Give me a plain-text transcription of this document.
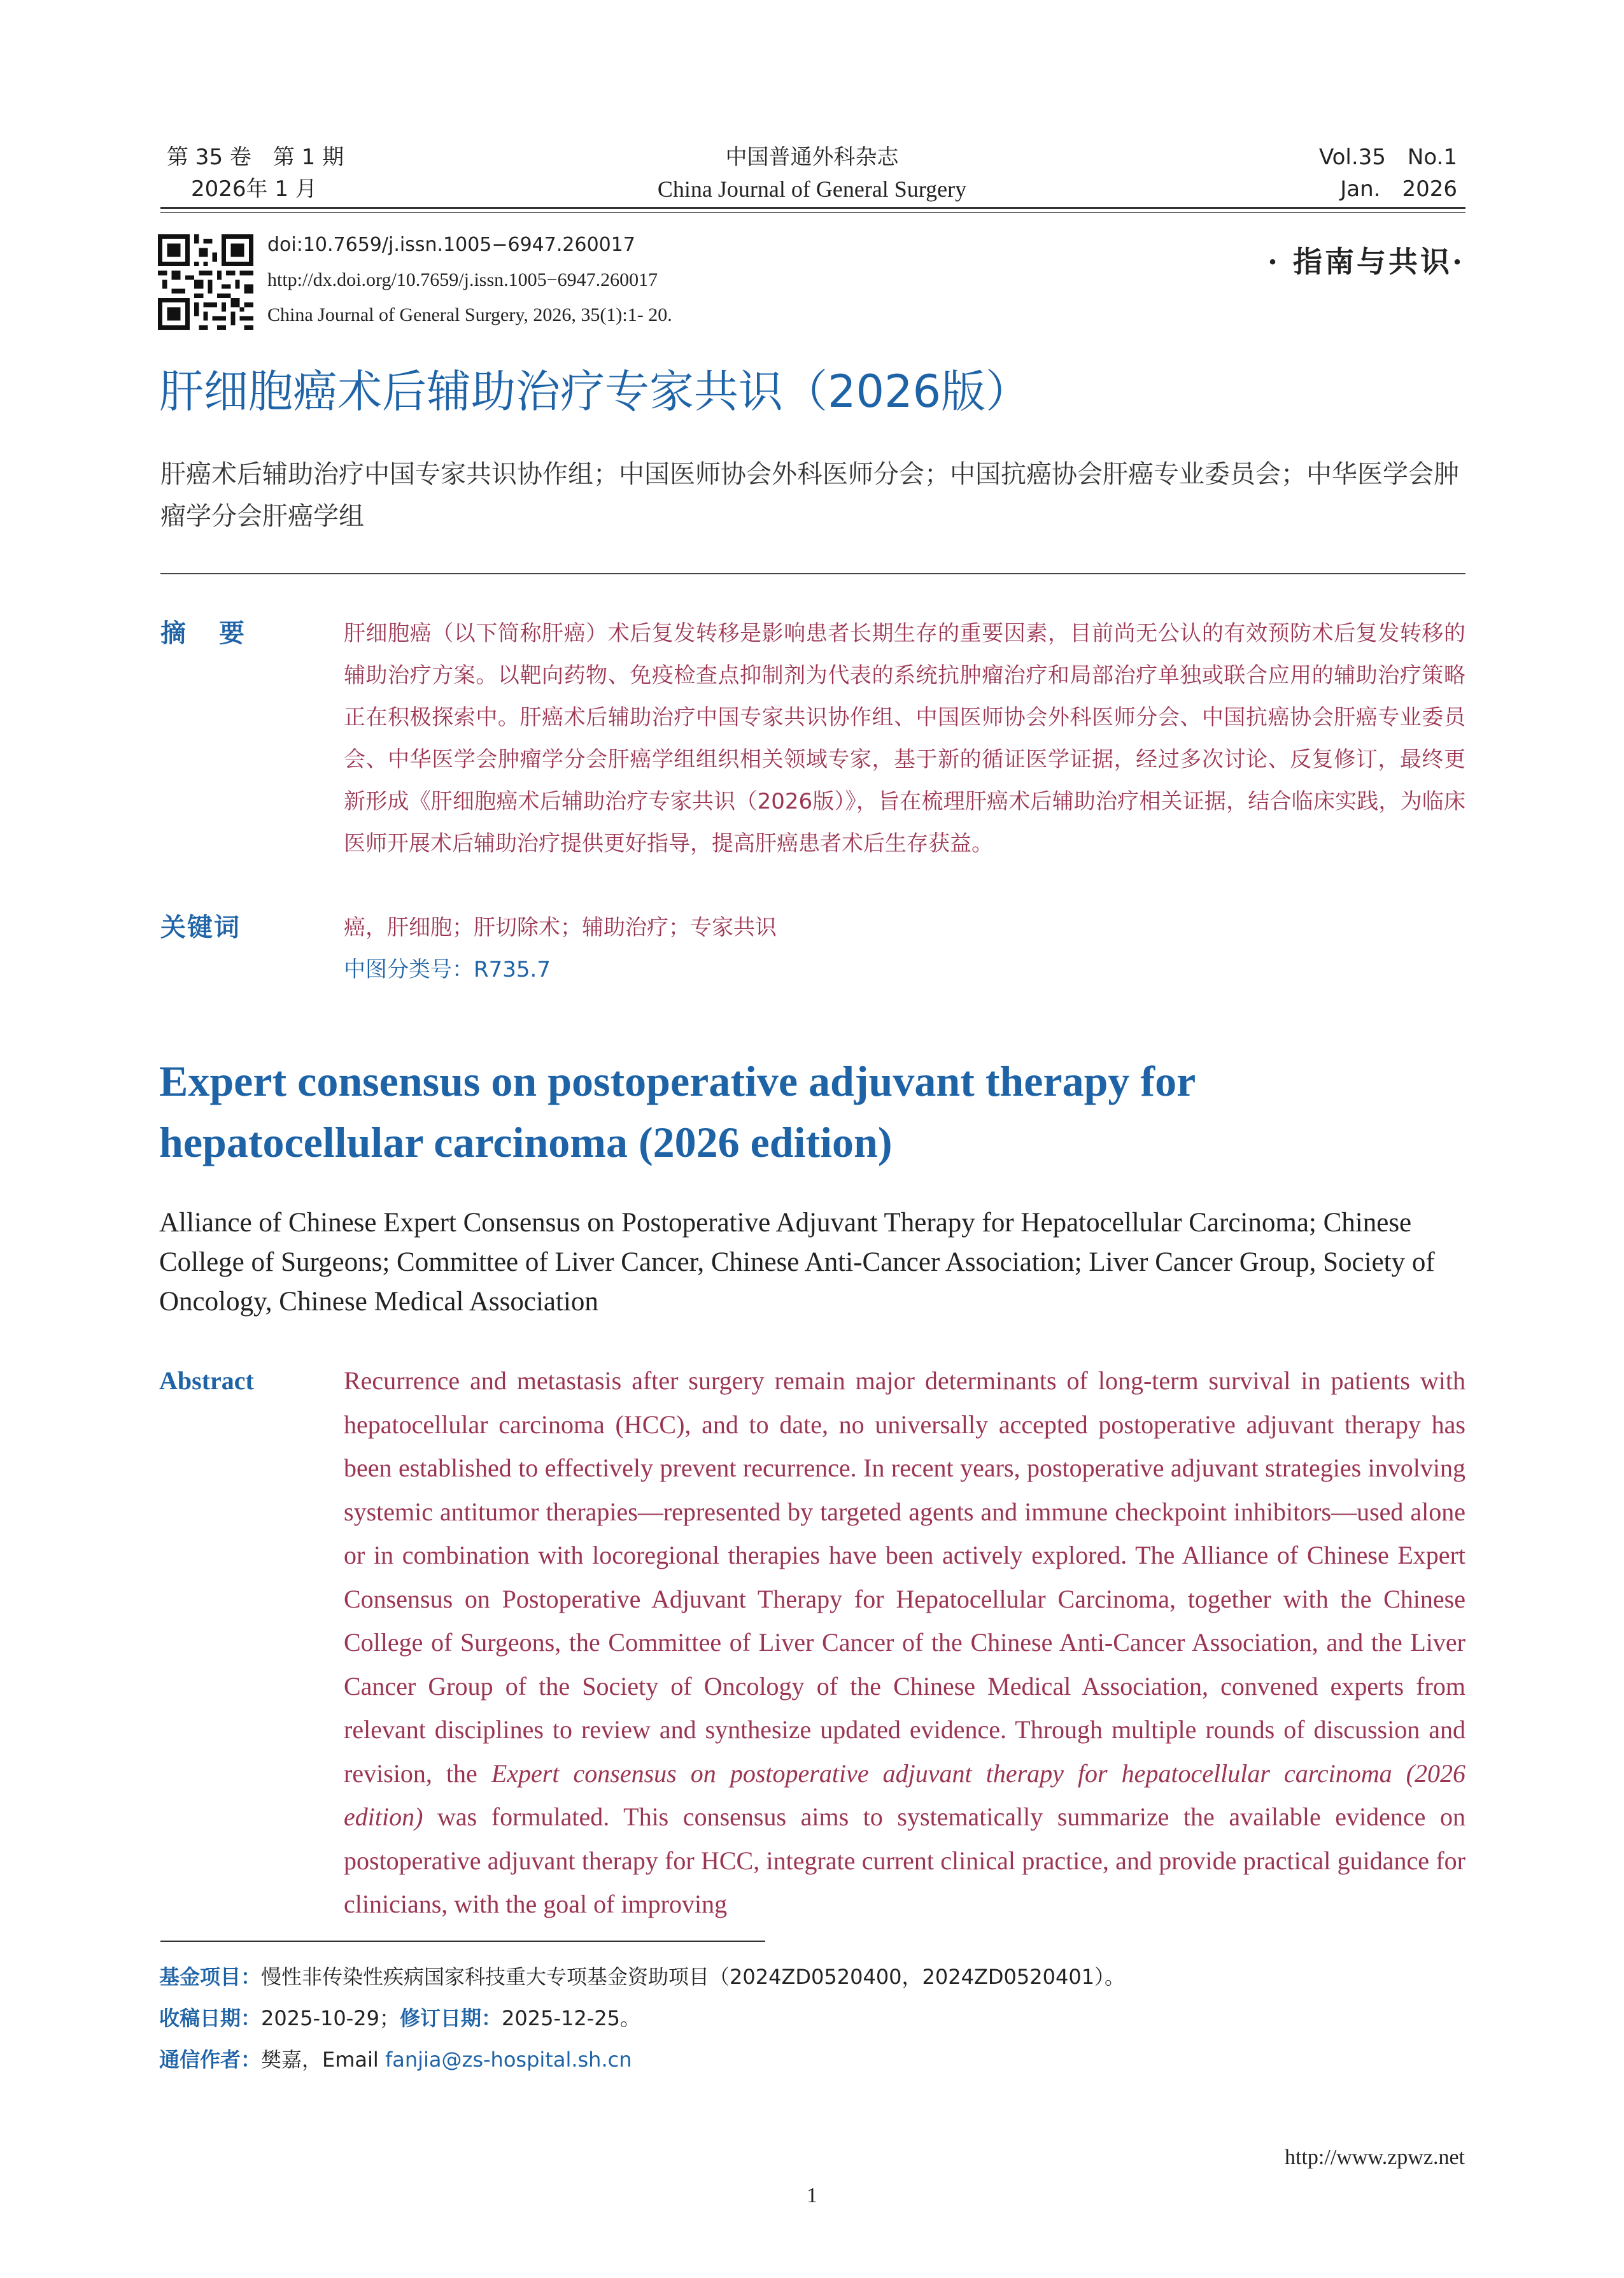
第 35 卷　第 1 期
2026年 1 月
中国普通外科杂志
China Journal of General Surgery
Vol.35　No.1
Jan.　2026
doi:10.7659/j.issn.1005−6947.260017
http://dx.doi.org/10.7659/j.issn.1005−6947.260017
China Journal of General Surgery, 2026, 35(1):1- 20.
· 指南与共识·
肝细胞癌术后辅助治疗专家共识（2026版）
肝癌术后辅助治疗中国专家共识协作组；中国医师协会外科医师分会；中国抗癌协会肝癌专业委员会；中华医学会肿瘤学分会肝癌学组
摘　要	肝细胞癌（以下简称肝癌）术后复发转移是影响患者长期生存的重要因素，目前尚无公认的有效预防术后复发转移的辅助治疗方案。以靶向药物、免疫检查点抑制剂为代表的系统抗肿瘤治疗和局部治疗单独或联合应用的辅助治疗策略正在积极探索中。肝癌术后辅助治疗中国专家共识协作组、中国医师协会外科医师分会、中国抗癌协会肝癌专业委员会、中华医学会肿瘤学分会肝癌学组组织相关领域专家，基于新的循证医学证据，经过多次讨论、反复修订，最终更新形成《肝细胞癌术后辅助治疗专家共识（2026版）》，旨在梳理肝癌术后辅助治疗相关证据，结合临床实践，为临床医师开展术后辅助治疗提供更好指导，提高肝癌患者术后生存获益。
关键词	癌，肝细胞；肝切除术；辅助治疗；专家共识
中图分类号：R735.7
Expert consensus on postoperative adjuvant therapy for hepatocellular carcinoma (2026 edition)
Alliance of Chinese Expert Consensus on Postoperative Adjuvant Therapy for Hepatocellular Carcinoma; Chinese College of Surgeons; Committee of Liver Cancer, Chinese Anti-Cancer Association; Liver Cancer Group, Society of Oncology, Chinese Medical Association
Abstract	Recurrence and metastasis after surgery remain major determinants of long-term survival in patients with hepatocellular carcinoma (HCC), and to date, no universally accepted postoperative adjuvant therapy has been established to effectively prevent recurrence. In recent years, postoperative adjuvant strategies involving systemic antitumor therapies—represented by targeted agents and immune checkpoint inhibitors—used alone or in combination with locoregional therapies have been actively explored. The Alliance of Chinese Expert Consensus on Postoperative Adjuvant Therapy for Hepatocellular Carcinoma, together with the Chinese College of Surgeons, the Committee of Liver Cancer of the Chinese Anti-Cancer Association, and the Liver Cancer Group of the Society of Oncology of the Chinese Medical Association, convened experts from relevant disciplines to review and synthesize updated evidence. Through multiple rounds of discussion and revision, the Expert consensus on postoperative adjuvant therapy for hepatocellular carcinoma (2026 edition) was formulated. This consensus aims to systematically summarize the available evidence on postoperative adjuvant therapy for HCC, integrate current clinical practice, and provide practical guidance for clinicians, with the goal of improving
基金项目：慢性非传染性疾病国家科技重大专项基金资助项目（2024ZD0520400，2024ZD0520401）。
收稿日期：2025-10-29；修订日期：2025-12-25。
通信作者：樊嘉，Email fanjia@zs-hospital.sh.cn
http://www.zpwz.net
1
